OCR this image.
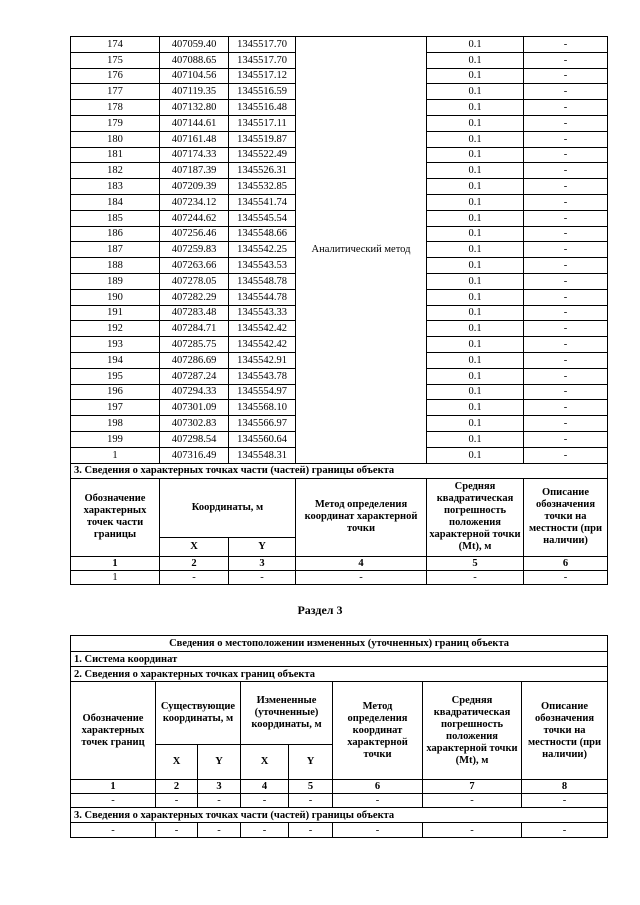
174	407059.40	1345517.70	Аналитический метод	0.1	-
175	407088.65	1345517.70		0.1	-
176	407104.56	1345517.12		0.1	-
177	407119.35	1345516.59		0.1	-
178	407132.80	1345516.48		0.1	-
179	407144.61	1345517.11		0.1	-
180	407161.48	1345519.87		0.1	-
181	407174.33	1345522.49		0.1	-
182	407187.39	1345526.31		0.1	-
183	407209.39	1345532.85		0.1	-
184	407234.12	1345541.74		0.1	-
185	407244.62	1345545.54		0.1	-
186	407256.46	1345548.66		0.1	-
187	407259.83	1345542.25		0.1	-
188	407263.66	1345543.53		0.1	-
189	407278.05	1345548.78		0.1	-
190	407282.29	1345544.78		0.1	-
191	407283.48	1345543.33		0.1	-
192	407284.71	1345542.42		0.1	-
193	407285.75	1345542.42		0.1	-
194	407286.69	1345542.91		0.1	-
195	407287.24	1345543.78		0.1	-
196	407294.33	1345554.97		0.1	-
197	407301.09	1345568.10		0.1	-
198	407302.83	1345566.97		0.1	-
199	407298.54	1345560.64		0.1	-
1	407316.49	1345548.31		0.1	-
3. Сведения о характерных точках части (частей) границы объекта					
Обозначение характерных точек части границы	Координаты, м		Метод определения координат характерной точки	Средняя квадратическая погрешность положения характерной точки (Mt), м	Описание обозначения точки на местности (при наличии)
	X	Y			
1	2	3	4	5	6
1	-	-	-	-	-
Раздел 3
Сведения о местоположении измененных (уточненных) границ объекта							
1. Система координат							
2. Сведения о характерных точках границ объекта							
Обозначение характерных точек границ	Существующие координаты, м		Измененные (уточненные) координаты, м		Метод определения координат характерной точки	Средняя квадратическая погрешность положения характерной точки (Mt), м	Описание обозначения точки на местности (при наличии)
	X	Y	X	Y			
1	2	3	4	5	6	7	8
-	-	-	-	-	-	-	-
3. Сведения о характерных точках части (частей) границы объекта							
-	-	-	-	-	-	-	-
